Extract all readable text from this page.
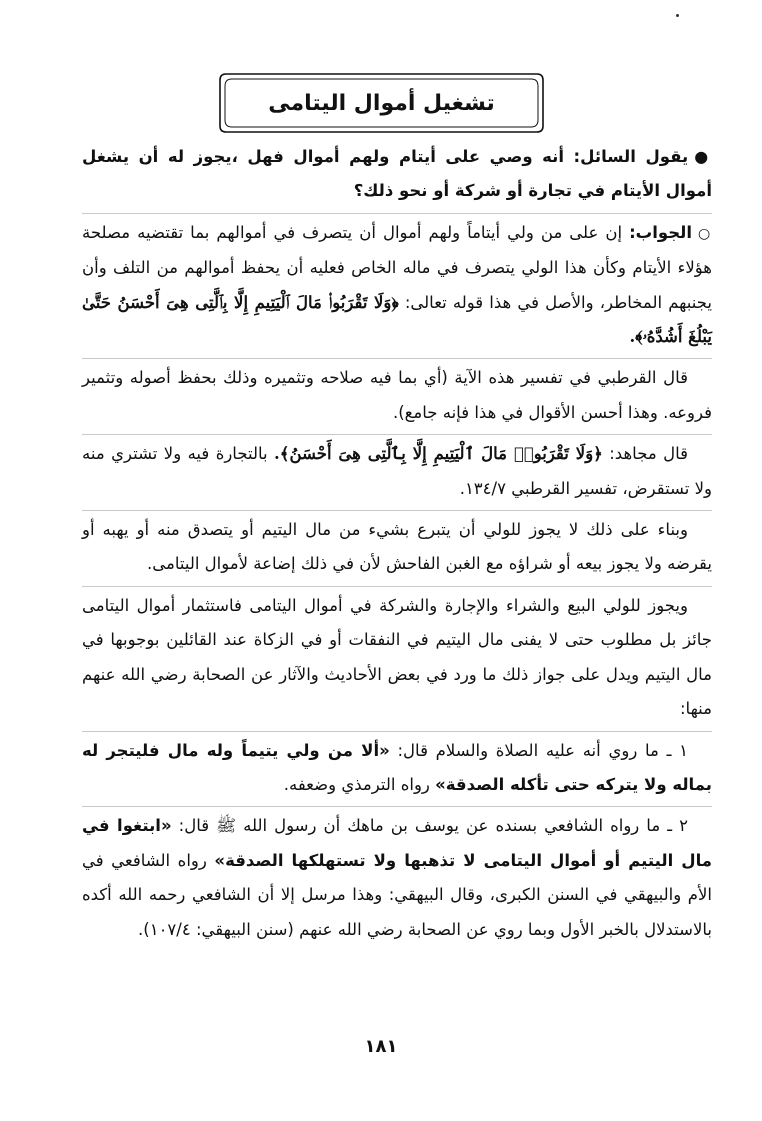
تشغيل أموال اليتامى

●يقول السائل: أنه وصي على أيتام ولهم أموال فهل ،يجوز له أن يشغل أموال الأيتام في تجارة أو شركة أو نحو ذلك؟

○الجواب: إن على من ولي أيتاماً ولهم أموال أن يتصرف في أموالهم بما تقتضيه مصلحة هؤلاء الأيتام وكأن هذا الولي يتصرف في ماله الخاص فعليه أن يحفظ أموالهم من التلف وأن يجنبهم المخاطر، والأصل في هذا قوله تعالى: ﴿وَلَا تَقْرَبُوا۟ مَالَ ٱلْيَتِيمِ إِلَّا بِٱلَّتِى هِىَ أَحْسَنُ حَتَّىٰ يَبْلُغَ أَشُدَّهُۥ﴾.

قال القرطبي في تفسير هذه الآية (أي بما فيه صلاحه وتثميره وذلك بحفظ أصوله وتثمير فروعه. وهذا أحسن الأقوال في هذا فإنه جامع).

قال مجاهد: ﴿وَلَا تَقْرَبُوا۟ مَالَ ٱلْيَتِيمِ إِلَّا بِٱلَّتِى هِىَ أَحْسَنُ﴾. بالتجارة فيه ولا تشتري منه ولا تستقرض، تفسير القرطبي ١٣٤/٧.

وبناء على ذلك لا يجوز للولي أن يتبرع بشيء من مال اليتيم أو يتصدق منه أو يهبه أو يقرضه ولا يجوز بيعه أو شراؤه مع الغبن الفاحش لأن في ذلك إضاعة لأموال اليتامى.

ويجوز للولي البيع والشراء والإجارة والشركة في أموال اليتامى فاستثمار أموال اليتامى جائز بل مطلوب حتى لا يفنى مال اليتيم في النفقات أو في الزكاة عند القائلين بوجوبها في مال اليتيم ويدل على جواز ذلك ما ورد في بعض الأحاديث والآثار عن الصحابة رضي الله عنهم منها:

١ ـ ما روي أنه عليه الصلاة والسلام قال: «ألا من ولي يتيماً وله مال فليتجر له بماله ولا يتركه حتى تأكله الصدقة» رواه الترمذي وضعفه.

٢ ـ ما رواه الشافعي بسنده عن يوسف بن ماهك أن رسول الله ﷺ قال: «ابتغوا في مال اليتيم أو أموال اليتامى لا تذهبها ولا تستهلكها الصدقة» رواه الشافعي في الأم والبيهقي في السنن الكبرى، وقال البيهقي: وهذا مرسل إلا أن الشافعي رحمه الله أكده بالاستدلال بالخبر الأول وبما روي عن الصحابة رضي الله عنهم (سنن البيهقي: ١٠٧/٤).

١٨١
